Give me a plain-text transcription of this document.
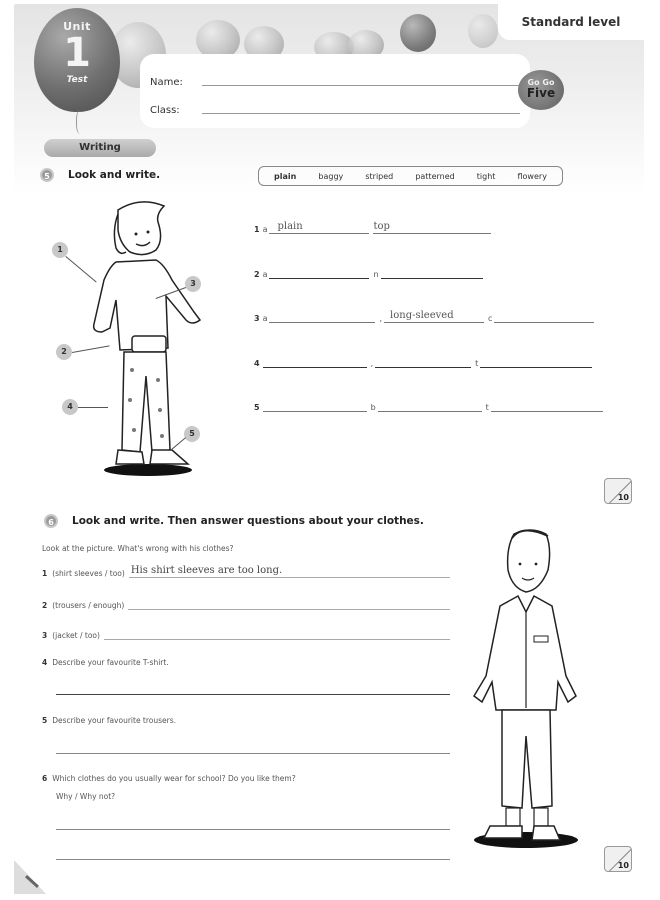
Unit
1
Test
Standard level
Name:
Class:
Go Go
Five
Writing
5	Look and write.	plain	baggy	striped	patterned	tight	flowery
1
2
3
4
5
1 a plain	top
2 a	n
3 a	, long-sleeved	c
4	,	t
5	b	t
10
6	Look and write. Then answer questions about your clothes.
Look at the picture. What's wrong with his clothes?
1 (shirt sleeves / too) His shirt sleeves are too long.
2 (trousers / enough)
3 (jacket / too)
4 Describe your favourite T-shirt.
5 Describe your favourite trousers.
6 Which clothes do you usually wear for school? Do you like them?
Why / Why not?
10
